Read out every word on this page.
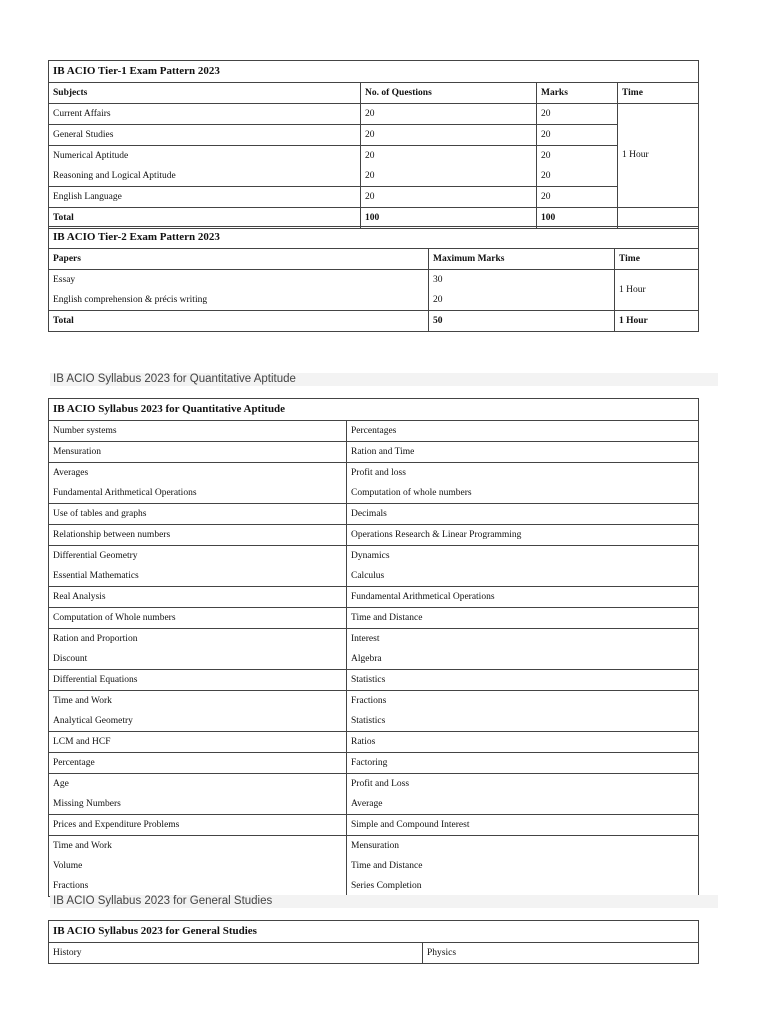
IB ACIO Tier-1 Exam Pattern 2023			
Subjects	No. of Questions	Marks	Time
Current Affairs	20	20	1 Hour
General Studies	20	20	
Numerical Aptitude	20	20	
Reasoning and Logical Aptitude	20	20	
English Language	20	20	
Total	100	100	
IB ACIO Tier-2 Exam Pattern 2023		
Papers	Maximum Marks	Time
Essay	30	1 Hour
English comprehension & précis writing	20	
Total	50	1 Hour
IB ACIO Syllabus 2023 for Quantitative Aptitude
IB ACIO Syllabus 2023 for Quantitative Aptitude	
Number systems	Percentages
Mensuration	Ration and Time
Averages	Profit and loss
Fundamental Arithmetical Operations	Computation of whole numbers
Use of tables and graphs	Decimals
Relationship between numbers	Operations Research & Linear Programming
Differential Geometry	Dynamics
Essential Mathematics	Calculus
Real Analysis	Fundamental Arithmetical Operations
Computation of Whole numbers	Time and Distance
Ration and Proportion	Interest
Discount	Algebra
Differential Equations	Statistics
Time and Work	Fractions
Analytical Geometry	Statistics
LCM and HCF	Ratios
Percentage	Factoring
Age	Profit and Loss
Missing Numbers	Average
Prices and Expenditure Problems	Simple and Compound Interest
Time and Work	Mensuration
Volume	Time and Distance
Fractions	Series Completion
IB ACIO Syllabus 2023 for General Studies
IB ACIO Syllabus 2023 for General Studies
History	Physics
